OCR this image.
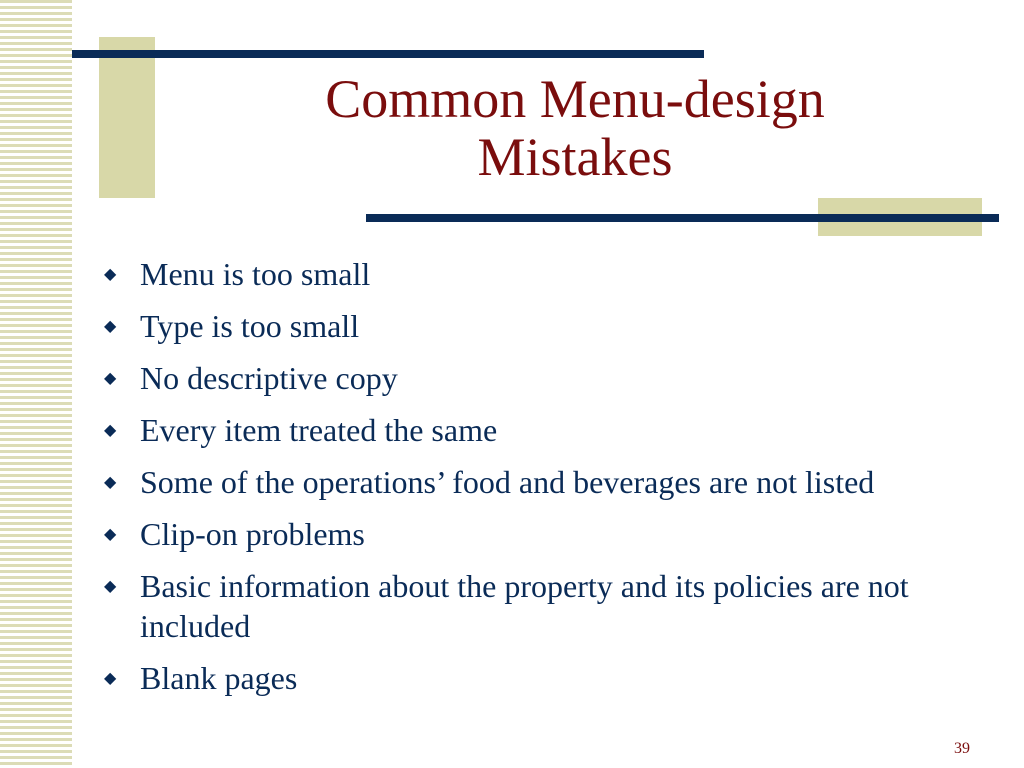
Common Menu-design
Mistakes
◆ Menu is too small
◆ Type is too small
◆ No descriptive copy
◆ Every item treated the same
◆ Some of the operations’ food and beverages are not listed
◆ Clip-on problems
◆ Basic information about the property and its policies are not included
◆ Blank pages
39
